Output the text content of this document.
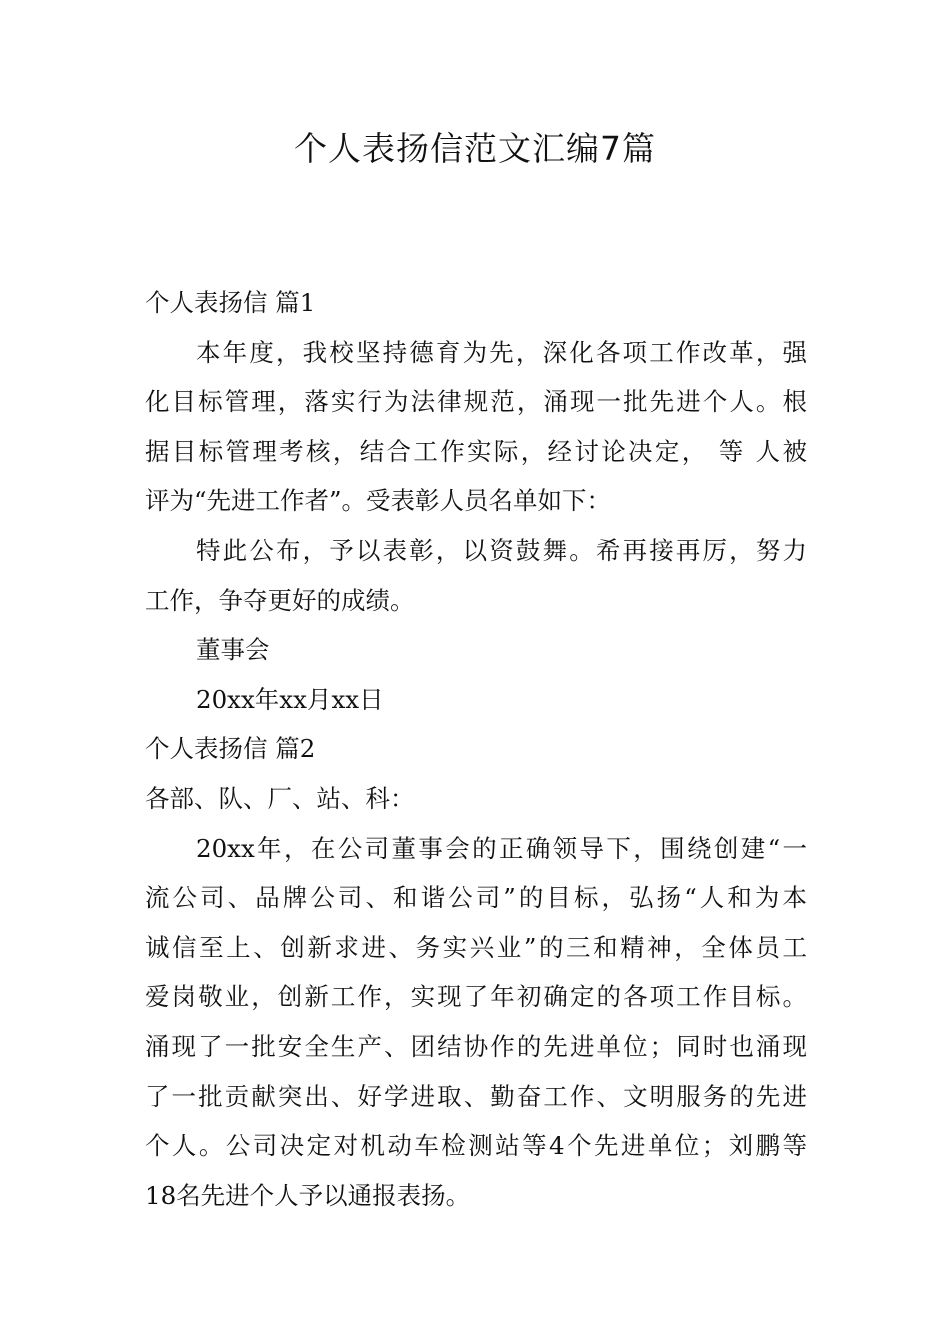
个人表扬信范文汇编7篇
个人表扬信 篇1
本年度，我校坚持德育为先，深化各项工作改革，强
化目标管理，落实行为法律规范，涌现一批先进个人。根
据目标管理考核，结合工作实际，经讨论决定， 等 人被
评为“先进工作者”。受表彰人员名单如下：
特此公布，予以表彰，以资鼓舞。希再接再厉，努力
工作，争夺更好的成绩。
董事会
20xx年xx月xx日
个人表扬信 篇2
各部、队、厂、站、科：
20xx年，在公司董事会的正确领导下，围绕创建“一
流公司、品牌公司、和谐公司”的目标，弘扬“人和为本
诚信至上、创新求进、务实兴业”的三和精神，全体员工
爱岗敬业，创新工作，实现了年初确定的各项工作目标。
涌现了一批安全生产、团结协作的先进单位；同时也涌现
了一批贡献突出、好学进取、勤奋工作、文明服务的先进
个人。公司决定对机动车检测站等4个先进单位；刘鹏等
18名先进个人予以通报表扬。
